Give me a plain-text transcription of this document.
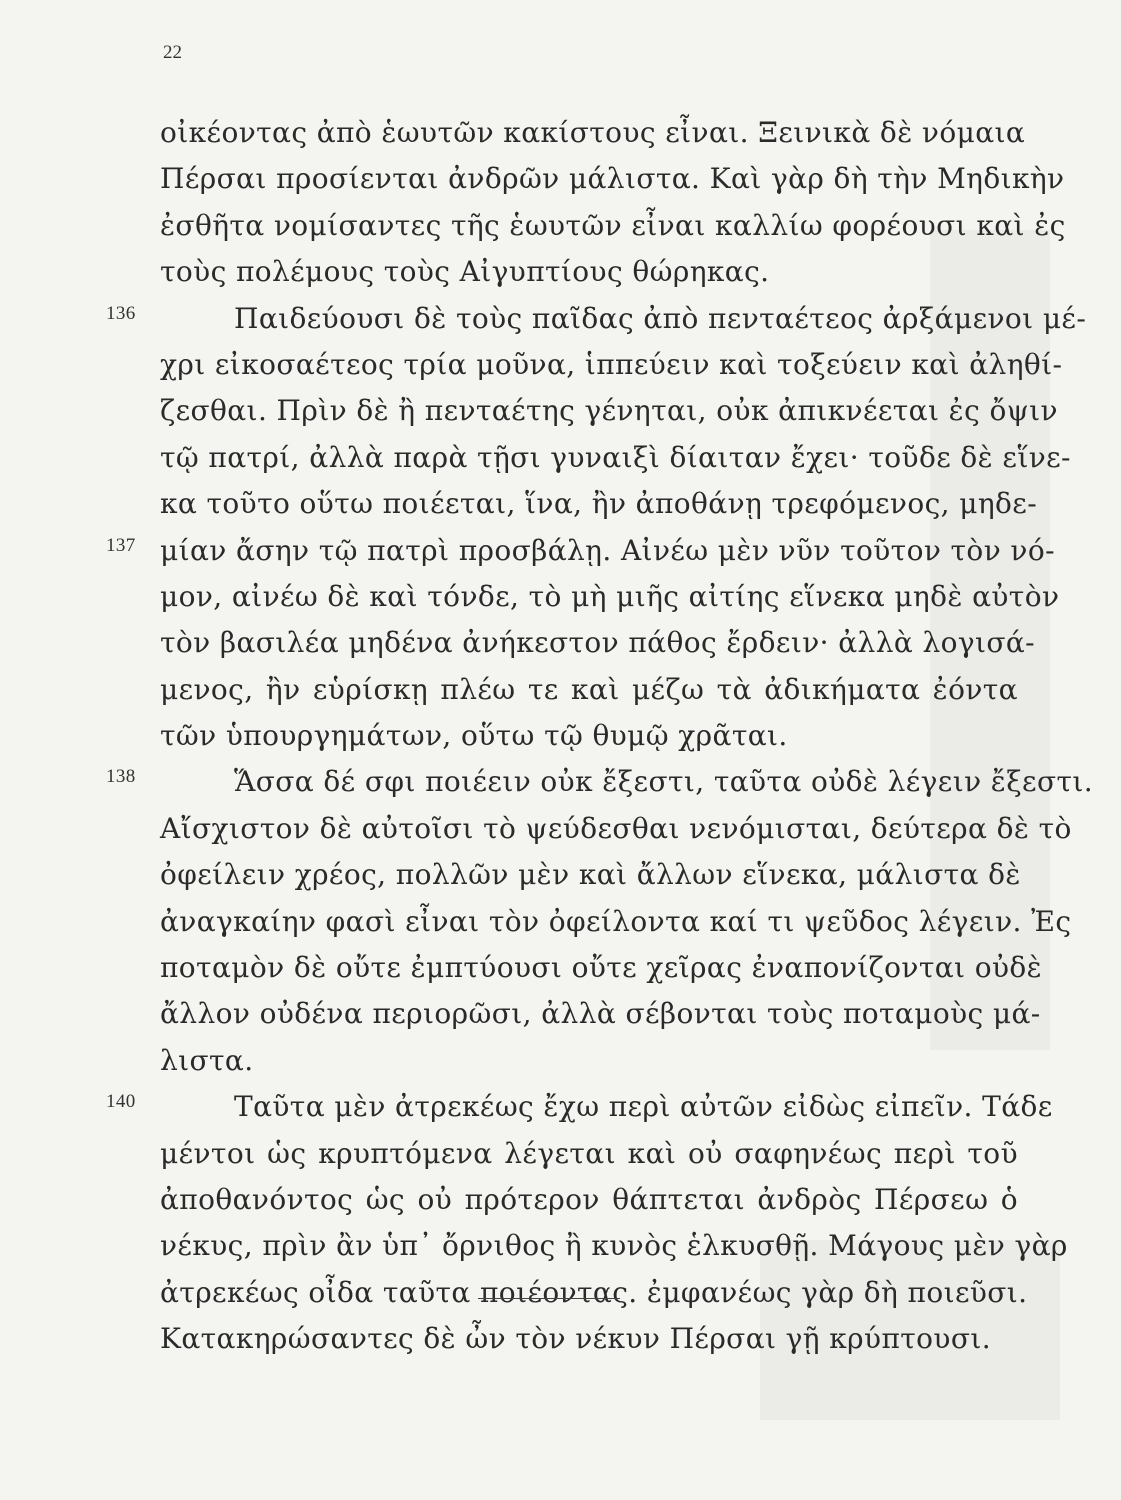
22
οἰκέοντας ἀπὸ ἑωυτῶν κακίστους εἶναι. Ξεινικὰ δὲ νόμαια
Πέρσαι προσίενται ἀνδρῶν μάλιστα. Καὶ γὰρ δὴ τὴν Μηδικὴν
ἐσθῆτα νομίσαντες τῆς ἑωυτῶν εἶναι καλλίω φορέουσι καὶ ἐς
τοὺς πολέμους τοὺς Αἰγυπτίους θώρηκας.
Παιδεύουσι δὲ τοὺς παῖδας ἀπὸ πενταέτεος ἀρξάμενοι μέ-
136
χρι εἰκοσαέτεος τρία μοῦνα, ἱππεύειν καὶ τοξεύειν καὶ ἀληθί-
ζεσθαι. Πρὶν δὲ ἢ πενταέτης γένηται, οὐκ ἀπικνέεται ἐς ὄψιν
τῷ πατρί, ἀλλὰ παρὰ τῇσι γυναιξὶ δίαιταν ἔχει· τοῦδε δὲ εἵνε-
κα τοῦτο οὕτω ποιέεται, ἵνα, ἢν ἀποθάνῃ τρεφόμενος, μηδε-
μίαν ἄσην τῷ πατρὶ προσβάλῃ. Αἰνέω μὲν νῦν τοῦτον τὸν νό-
137
μον, αἰνέω δὲ καὶ τόνδε, τὸ μὴ μιῆς αἰτίης εἵνεκα μηδὲ αὐτὸν
τὸν βασιλέα μηδένα ἀνήκεστον πάθος ἔρδειν· ἀλλὰ λογισά-
μενος, ἢν εὑρίσκῃ πλέω τε καὶ μέζω τὰ ἀδικήματα ἐόντα
τῶν ὑπουργημάτων, οὕτω τῷ θυμῷ χρᾶται.
Ἅσσα δέ σφι ποιέειν οὐκ ἔξεστι, ταῦτα οὐδὲ λέγειν ἔξεστι.
138
Αἴσχιστον δὲ αὐτοῖσι τὸ ψεύδεσθαι νενόμισται, δεύτερα δὲ τὸ
ὀφείλειν χρέος, πολλῶν μὲν καὶ ἄλλων εἵνεκα, μάλιστα δὲ
ἀναγκαίην φασὶ εἶναι τὸν ὀφείλοντα καί τι ψεῦδος λέγειν. Ἐς
ποταμὸν δὲ οὔτε ἐμπτύουσι οὔτε χεῖρας ἐναπονίζονται οὐδὲ
ἄλλον οὐδένα περιορῶσι, ἀλλὰ σέβονται τοὺς ποταμοὺς μά-
λιστα.
Ταῦτα μὲν ἀτρεκέως ἔχω περὶ αὐτῶν εἰδὼς εἰπεῖν. Τάδε
140
μέντοι ὡς κρυπτόμενα λέγεται καὶ οὐ σαφηνέως περὶ τοῦ
ἀποθανόντος ὡς οὐ πρότερον θάπτεται ἀνδρὸς Πέρσεω ὁ
νέκυς, πρὶν ἂν ὑπ᾽ ὄρνιθος ἢ κυνὸς ἑλκυσθῇ. Μάγους μὲν γὰρ
ἀτρεκέως οἶδα ταῦτα ποιέοντας. ἐμφανέως γὰρ δὴ ποιεῦσι.
Κατακηρώσαντες δὲ ὦν τὸν νέκυν Πέρσαι γῇ κρύπτουσι.
